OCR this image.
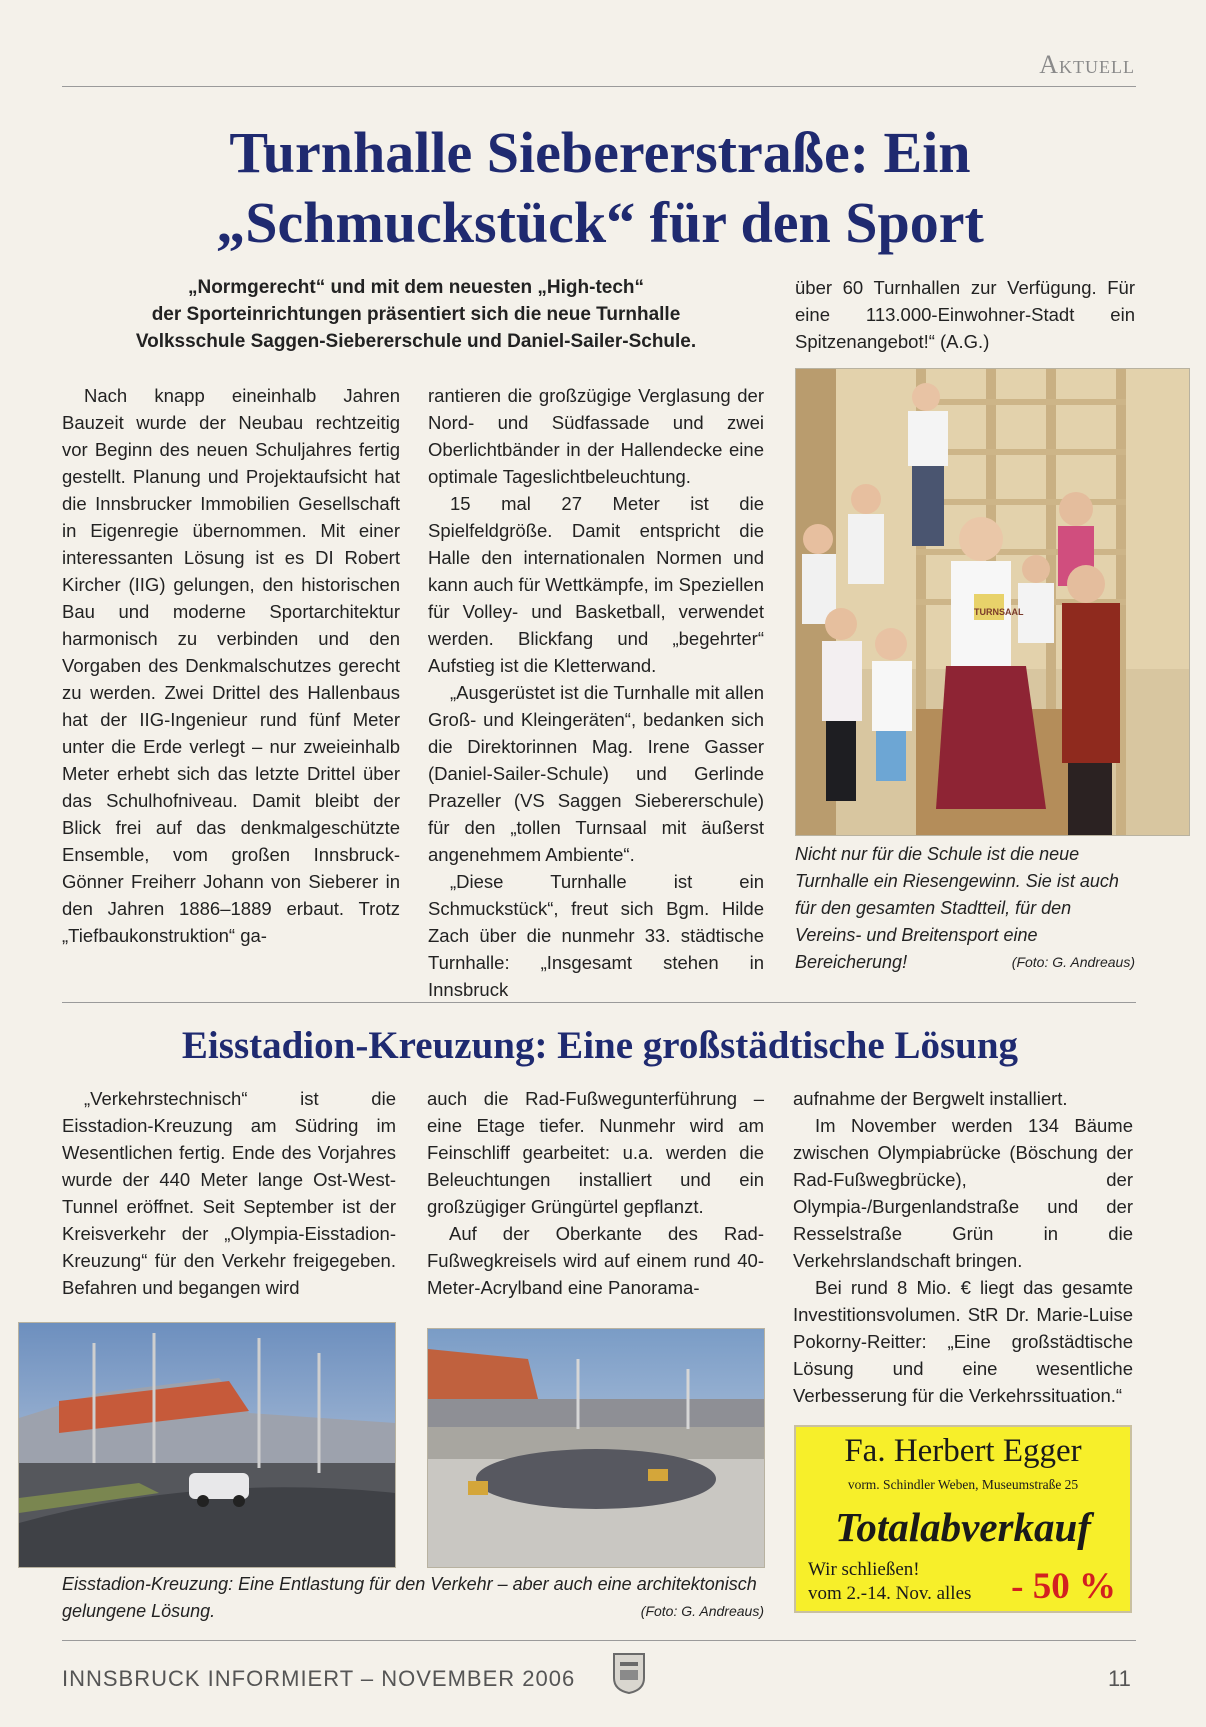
Aktuell
Turnhalle Siebererstraße: Ein
„Schmuckstück“ für den Sport
„Normgerecht“ und mit dem neuesten „High-tech“
der Sporteinrichtungen präsentiert sich die neue Turnhalle
Volksschule Saggen-Siebererschule und Daniel-Sailer-Schule.

Nach knapp eineinhalb Jahren Bauzeit wurde der Neubau rechtzeitig vor Beginn des neuen Schuljahres fertig gestellt. Planung und Projektaufsicht hat die Innsbrucker Immobilien Gesellschaft in Eigenregie übernommen. Mit einer interessanten Lösung ist es DI Robert Kircher (IIG) gelungen, den historischen Bau und moderne Sportarchitektur harmonisch zu verbinden und den Vorgaben des Denkmalschutzes gerecht zu werden. Zwei Drittel des Hallenbaus hat der IIG-Ingenieur rund fünf Meter unter die Erde verlegt – nur zweieinhalb Meter erhebt sich das letzte Drittel über das Schulhofniveau. Damit bleibt der Blick frei auf das denkmalgeschützte Ensemble, vom großen Innsbruck-Gönner Freiherr Johann von Sieberer in den Jahren 1886–1889 erbaut. Trotz „Tiefbaukonstruktion“ ga-

rantieren die großzügige Verglasung der Nord- und Südfassade und zwei Oberlichtbänder in der Hallendecke eine optimale Tageslichtbeleuchtung.

15 mal 27 Meter ist die Spielfeldgröße. Damit entspricht die Halle den internationalen Normen und kann auch für Wettkämpfe, im Speziellen für Volley- und Basketball, verwendet werden. Blickfang und „begehrter“ Aufstieg ist die Kletterwand.

„Ausgerüstet ist die Turnhalle mit allen Groß- und Kleingeräten“, bedanken sich die Direktorinnen Mag. Irene Gasser (Daniel-Sailer-Schule) und Gerlinde Prazeller (VS Saggen Siebererschule) für den „tollen Turnsaal mit äußerst angenehmem Ambiente“.

„Diese Turnhalle ist ein Schmuckstück“, freut sich Bgm. Hilde Zach über die nunmehr 33. städtische Turnhalle: „Insgesamt stehen in Innsbruck

über 60 Turnhallen zur Verfügung. Für eine 113.000-Einwohner-Stadt ein Spitzenangebot!“ (A.G.)

TURNSAAL
Nicht nur für die Schule ist die neue Turnhalle ein Riesengewinn. Sie ist auch für den gesamten Stadtteil, für den Vereins- und Breitensport eine Bereicherung!	(Foto: G. Andreaus)
Eisstadion-Kreuzung: Eine großstädtische Lösung

„Verkehrstechnisch“ ist die Eisstadion-Kreuzung am Südring im Wesentlichen fertig. Ende des Vorjahres wurde der 440 Meter lange Ost-West-Tunnel eröffnet. Seit September ist der Kreisverkehr der „Olympia-Eisstadion-Kreuzung“ für den Verkehr freigegeben. Befahren und begangen wird

auch die Rad-Fußwegunterführung – eine Etage tiefer. Nunmehr wird am Feinschliff gearbeitet: u.a. werden die Beleuchtungen installiert und ein großzügiger Grüngürtel gepflanzt.

Auf der Oberkante des Rad-Fußwegkreisels wird auf einem rund 40-Meter-Acrylband eine Panorama-

aufnahme der Bergwelt installiert.

Im November werden 134 Bäume zwischen Olympiabrücke (Böschung der Rad-Fußwegbrücke), der Olympia-/Burgenlandstraße und der Resselstraße Grün in die Verkehrslandschaft bringen.

Bei rund 8 Mio. € liegt das gesamte Investitionsvolumen. StR Dr. Marie-Luise Pokorny-Reitter: „Eine großstädtische Lösung und eine wesentliche Verbesserung für die Verkehrssituation.“

Eisstadion-Kreuzung: Eine Entlastung für den Verkehr – aber auch eine architektonisch gelungene Lösung.	(Foto: G. Andreaus)
Fa. Herbert Egger
vorm. Schindler Weben, Museumstraße 25
Totalabverkauf
Wir schließen!
vom 2.-14. Nov. alles - 50 %
INNSBRUCK INFORMIERT – NOVEMBER 2006	11
